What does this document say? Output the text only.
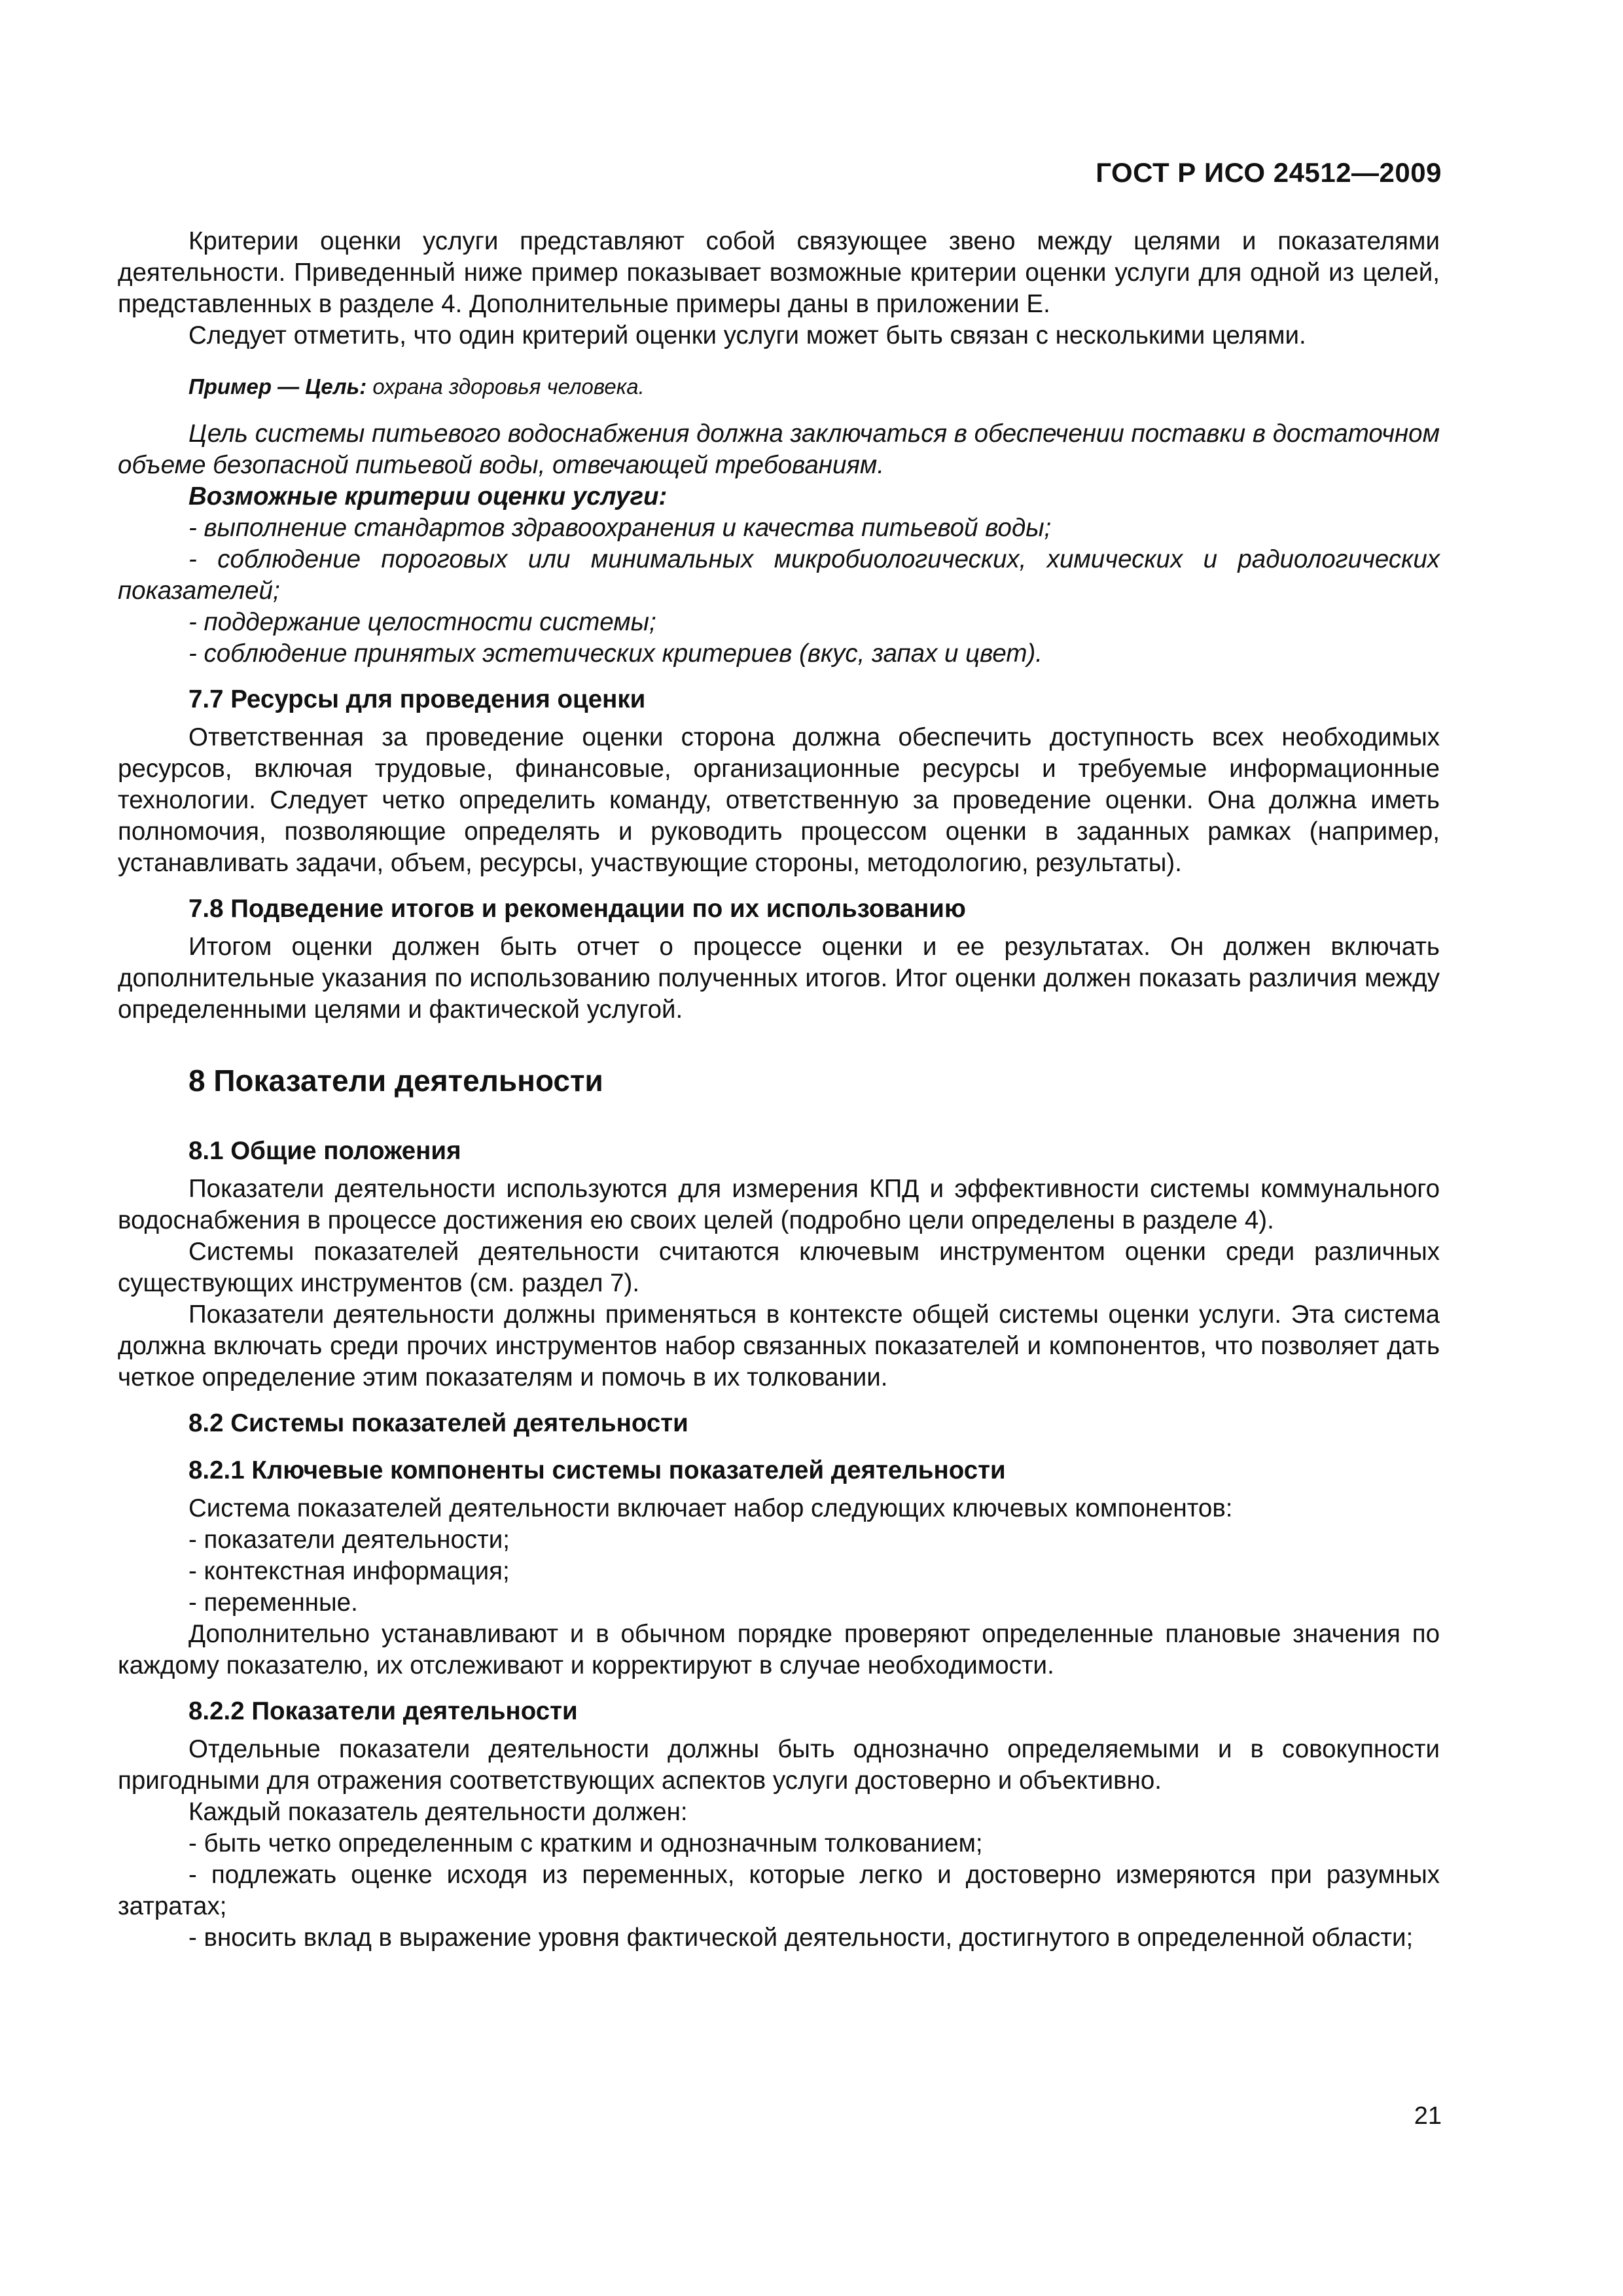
ГОСТ Р ИСО 24512—2009

Критерии оценки услуги представляют собой связующее звено между целями и показателями деятельности. Приведенный ниже пример показывает возможные критерии оценки услуги для одной из целей, представленных в разделе 4. Дополнительные примеры даны в приложении Е.

Следует отметить, что один критерий оценки услуги может быть связан с несколькими целями.

Пример — Цель: охрана здоровья человека.

Цель системы питьевого водоснабжения должна заключаться в обеспечении поставки в достаточном объеме безопасной питьевой воды, отвечающей требованиям.

Возможные критерии оценки услуги:

- выполнение стандартов здравоохранения и качества питьевой воды;

- соблюдение пороговых или минимальных микробиологических, химических и радиологических показателей;

- поддержание целостности системы;

- соблюдение принятых эстетических критериев (вкус, запах и цвет).

7.7 Ресурсы для проведения оценки

Ответственная за проведение оценки сторона должна обеспечить доступность всех необходимых ресурсов, включая трудовые, финансовые, организационные ресурсы и требуемые информационные технологии. Следует четко определить команду, ответственную за проведение оценки. Она должна иметь полномочия, позволяющие определять и руководить процессом оценки в заданных рамках (например, устанавливать задачи, объем, ресурсы, участвующие стороны, методологию, результаты).

7.8 Подведение итогов и рекомендации по их использованию

Итогом оценки должен быть отчет о процессе оценки и ее результатах. Он должен включать дополнительные указания по использованию полученных итогов. Итог оценки должен показать различия между определенными целями и фактической услугой.

8 Показатели деятельности
8.1 Общие положения

Показатели деятельности используются для измерения КПД и эффективности системы коммунального водоснабжения в процессе достижения ею своих целей (подробно цели определены в разделе 4).

Системы показателей деятельности считаются ключевым инструментом оценки среди различных существующих инструментов (см. раздел 7).

Показатели деятельности должны применяться в контексте общей системы оценки услуги. Эта система должна включать среди прочих инструментов набор связанных показателей и компонентов, что позволяет дать четкое определение этим показателям и помочь в их толковании.

8.2 Системы показателей деятельности
8.2.1 Ключевые компоненты системы показателей деятельности

Система показателей деятельности включает набор следующих ключевых компонентов:

- показатели деятельности;

- контекстная информация;

- переменные.

Дополнительно устанавливают и в обычном порядке проверяют определенные плановые значения по каждому показателю, их отслеживают и корректируют в случае необходимости.

8.2.2 Показатели деятельности

Отдельные показатели деятельности должны быть однозначно определяемыми и в совокупности пригодными для отражения соответствующих аспектов услуги достоверно и объективно.

Каждый показатель деятельности должен:

- быть четко определенным с кратким и однозначным толкованием;

- подлежать оценке исходя из переменных, которые легко и достоверно измеряются при разумных затратах;

- вносить вклад в выражение уровня фактической деятельности, достигнутого в определенной области;

21
